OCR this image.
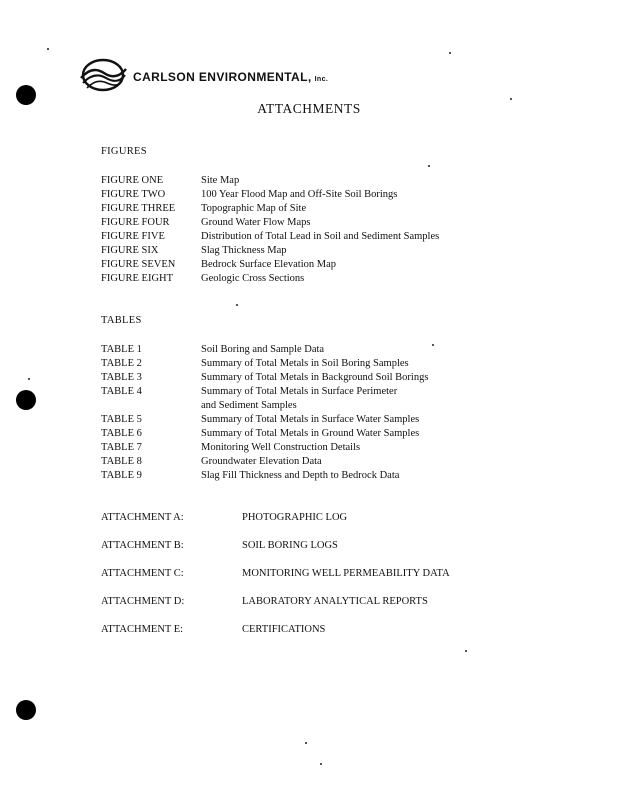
CARLSON ENVIRONMENTAL, Inc.
ATTACHMENTS
FIGURES
FIGURE ONE	Site Map
FIGURE TWO	100 Year Flood Map and Off-Site Soil Borings
FIGURE THREE	Topographic Map of Site
FIGURE FOUR	Ground Water Flow Maps
FIGURE FIVE	Distribution of Total Lead in Soil and Sediment Samples
FIGURE SIX	Slag Thickness Map
FIGURE SEVEN	Bedrock Surface Elevation Map
FIGURE EIGHT	Geologic Cross Sections
TABLES
TABLE 1	Soil Boring and Sample Data
TABLE 2	Summary of Total Metals in Soil Boring Samples
TABLE 3	Summary of Total Metals in Background Soil Borings
TABLE 4	Summary of Total Metals in Surface Perimeter
and Sediment Samples
TABLE 5	Summary of Total Metals in Surface Water Samples
TABLE 6	Summary of Total Metals in Ground Water Samples
TABLE 7	Monitoring Well Construction Details
TABLE 8	Groundwater Elevation Data
TABLE 9	Slag Fill Thickness and Depth to Bedrock Data
ATTACHMENT A:	PHOTOGRAPHIC LOG
ATTACHMENT B:	SOIL BORING LOGS
ATTACHMENT C:	MONITORING WELL PERMEABILITY DATA
ATTACHMENT D:	LABORATORY ANALYTICAL REPORTS
ATTACHMENT E:	CERTIFICATIONS
